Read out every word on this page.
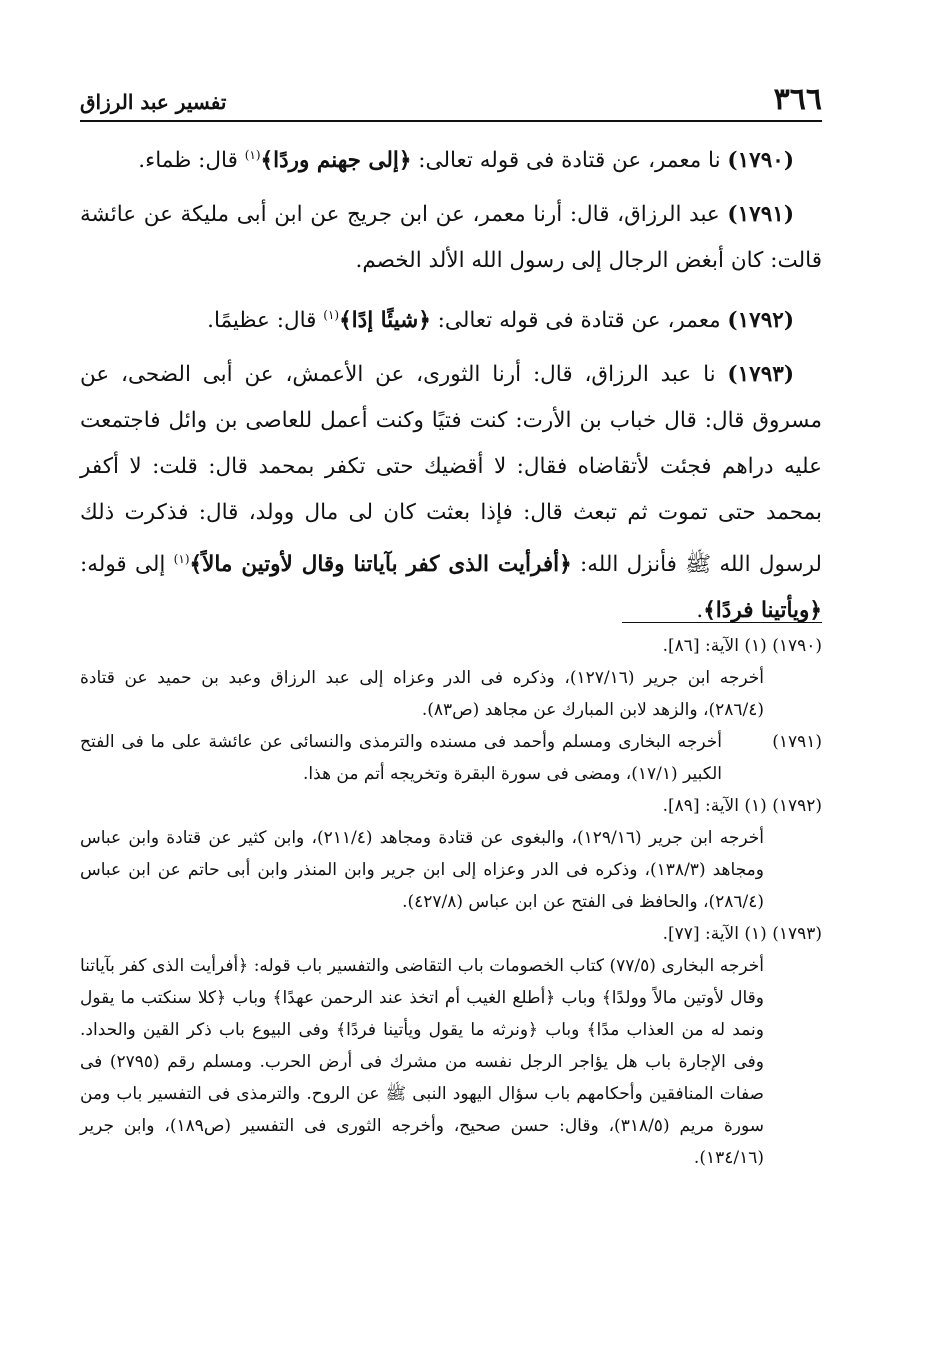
٣٦٦
تفسير عبد الرزاق

(١٧٩٠) نا معمر، عن قتادة فى قوله تعالى: ﴿إلى جهنم وردًا﴾$^{(١)}$ قال: ظماء.

(١٧٩١) عبد الرزاق، قال: أرنا معمر، عن ابن جريج عن ابن أبى مليكة عن عائشة قالت: كان أبغض الرجال إلى رسول الله الألد الخصم.

(١٧٩٢) معمر، عن قتادة فى قوله تعالى: ﴿شيئًا إدًا﴾$^{(١)}$ قال: عظيمًا.

(١٧٩٣) نا عبد الرزاق، قال: أرنا الثورى، عن الأعمش، عن أبى الضحى، عن مسروق قال: قال خباب بن الأرت: كنت فتيًا وكنت أعمل للعاصى بن وائل فاجتمعت عليه دراهم فجئت لأتقاضاه فقال: لا أقضيك حتى تكفر بمحمد قال: قلت: لا أكفر بمحمد حتى تموت ثم تبعث قال: فإذا بعثت كان لى مال وولد، قال: فذكرت ذلك لرسول الله ﷺ فأنزل الله: ﴿أفرأيت الذى كفر بآياتنا وقال لأوتين مالاً﴾$^{(١)}$ إلى قوله: ﴿ويأتينا فردًا﴾.

(١٧٩٠) (١) الآية: [٨٦].

أخرجه ابن جرير (١٢٧/١٦)، وذكره فى الدر وعزاه إلى عبد الرزاق وعبد بن حميد عن قتادة (٢٨٦/٤)، والزهد لابن المبارك عن مجاهد (ص٨٣).

(١٧٩١)

أخرجه البخارى ومسلم وأحمد فى مسنده والترمذى والنسائى عن عائشة على ما فى الفتح الكبير (١٧/١)، ومضى فى سورة البقرة وتخريجه أتم من هذا.

(١٧٩٢) (١) الآية: [٨٩].

أخرجه ابن جرير (١٢٩/١٦)، والبغوى عن قتادة ومجاهد (٢١١/٤)، وابن كثير عن قتادة وابن عباس ومجاهد (١٣٨/٣)، وذكره فى الدر وعزاه إلى ابن جرير وابن المنذر وابن أبى حاتم عن ابن عباس (٢٨٦/٤)، والحافظ فى الفتح عن ابن عباس (٤٢٧/٨).

(١٧٩٣) (١) الآية: [٧٧].

أخرجه البخارى (٧٧/٥) كتاب الخصومات باب التقاضى والتفسير باب قوله: ﴿أفرأيت الذى كفر بآياتنا وقال لأوتين مالاً وولدًا﴾ وباب ﴿أطلع الغيب أم اتخذ عند الرحمن عهدًا﴾ وباب ﴿كلا سنكتب ما يقول ونمد له من العذاب مدًا﴾ وباب ﴿ونرثه ما يقول ويأتينا فردًا﴾ وفى البيوع باب ذكر القين والحداد. وفى الإجارة باب هل يؤاجر الرجل نفسه من مشرك فى أرض الحرب. ومسلم رقم (٢٧٩٥) فى صفات المنافقين وأحكامهم باب سؤال اليهود النبى ﷺ عن الروح. والترمذى فى التفسير باب ومن سورة مريم (٣١٨/٥)، وقال: حسن صحيح، وأخرجه الثورى فى التفسير (ص١٨٩)، وابن جرير (١٣٤/١٦).
